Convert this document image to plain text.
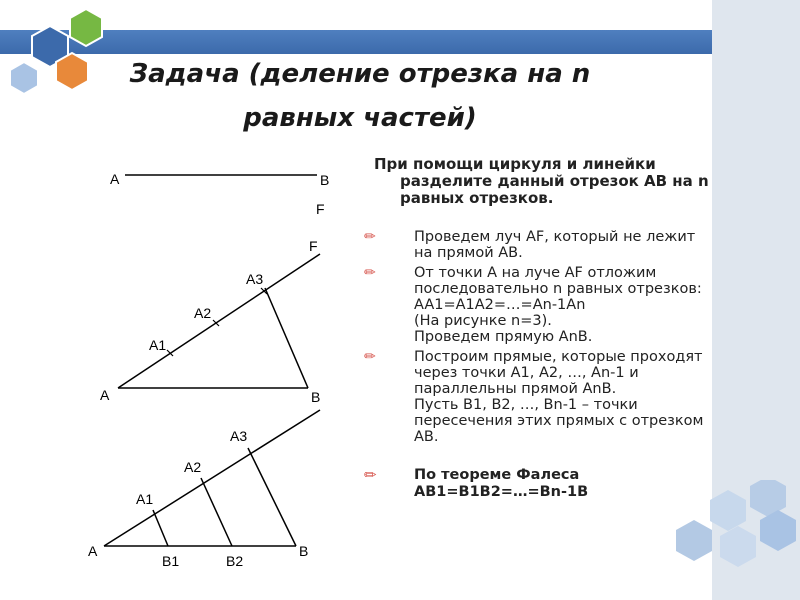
Задача (деление отрезка на n
равных частей)
A	B
F
F
A	B
A1
A2
A3
A	B
A1
A2
A3
B1	B2

При помощи циркуля и линейки разделите данный отрезок АВ на n равных отрезков.

✏	Проведем луч AF, который не лежит

на прямой АВ.

✏	От точки А на луче AF отложим

последовательно n равных отрезков:

AA1=A1A2=…=An-1An

(На рисунке n=3).

Проведем прямую AnB.

✏	Построим прямые, которые проходят

через точки A1, A2, …, An-1 и

параллельны прямой AnB.

Пусть B1, B2, …, Bn-1 – точки

пересечения этих прямых с отрезком

АВ.

✏	По теореме Фалеса

AB1=B1B2=…=Bn-1B
